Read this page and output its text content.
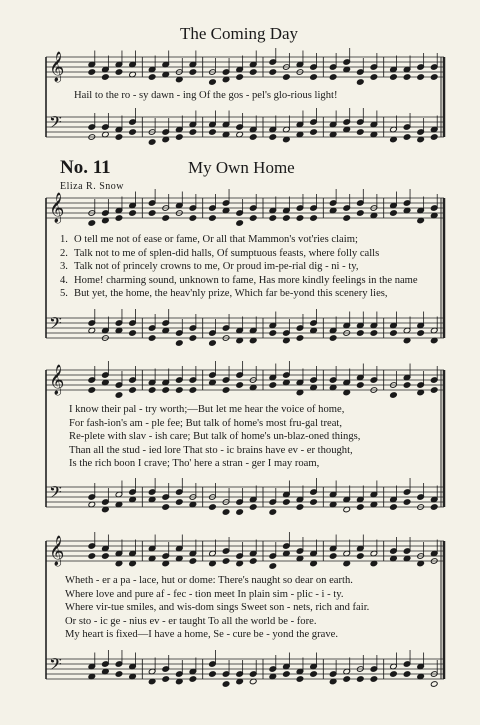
𝄞
𝄢
𝄞
𝄢
𝄞
𝄢
𝄞
𝄢
The Coming Day
Hail to the ro - sy dawn - ing Of the gos - pel's glo-rious light!
No. 11	My Own Home
Eliza R. Snow
1. O tell me not of ease or fame, Or all that Mammon's vot'ries claim;
2. Talk not to me of splen-did halls, Of sumptuous feasts, where folly calls
3. Talk not of princely crowns to me, Or proud im-pe-rial dig - ni - ty,
4. Home! charming sound, unknown to fame, Has more kindly feelings in the name
5. But yet, the home, the heav'nly prize, Which far be-yond this scenery lies,
I know their pal - try worth;—But let me hear the voice of home,
For fash-ion's am - ple fee; But talk of home's most fru-gal treat,
Re-plete with slav - ish care; But talk of home's un-blaz-oned things,
Than all the stud - ied lore That sto - ic brains have ev - er thought,
Is the rich boon I crave; Tho' here a stran - ger I may roam,
Wheth - er a pa - lace, hut or dome: There's naught so dear on earth.
Where love and pure af - fec - tion meet In plain sim - plic - i - ty.
Where vir-tue smiles, and wis-dom sings Sweet son - nets, rich and fair.
Or sto - ic ge - nius ev - er taught To all the world be - fore.
My heart is fixed—I have a home, Se - cure be - yond the grave.
